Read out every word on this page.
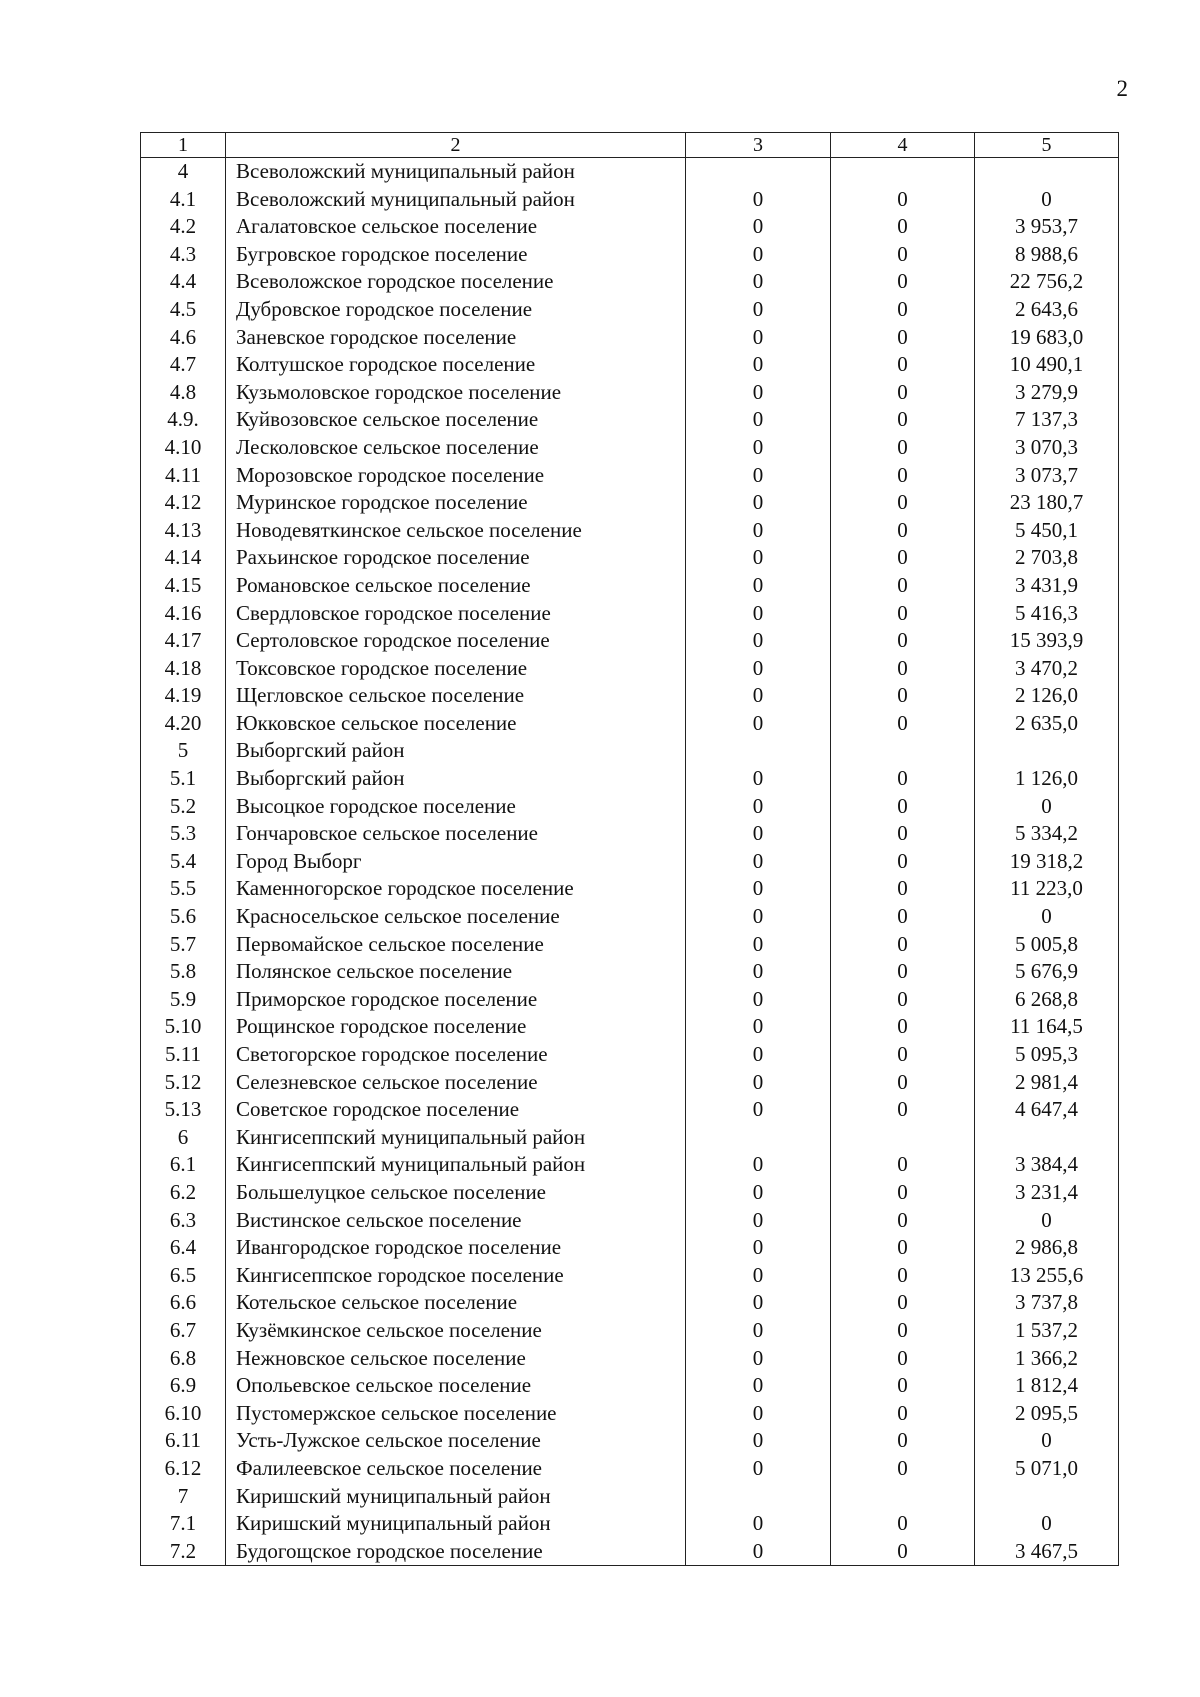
2
1	2	3	4	5
4	Всеволожский муниципальный район			
4.1	Всеволожский муниципальный район	0	0	0
4.2	Агалатовское сельское поселение	0	0	3 953,7
4.3	Бугровское городское поселение	0	0	8 988,6
4.4	Всеволожское городское поселение	0	0	22 756,2
4.5	Дубровское городское поселение	0	0	2 643,6
4.6	Заневское городское поселение	0	0	19 683,0
4.7	Колтушское городское поселение	0	0	10 490,1
4.8	Кузьмоловское городское поселение	0	0	3 279,9
4.9.	Куйвозовское сельское поселение	0	0	7 137,3
4.10	Лесколовское сельское поселение	0	0	3 070,3
4.11	Морозовское городское поселение	0	0	3 073,7
4.12	Муринское городское поселение	0	0	23 180,7
4.13	Новодевяткинское сельское поселение	0	0	5 450,1
4.14	Рахьинское городское поселение	0	0	2 703,8
4.15	Романовское сельское поселение	0	0	3 431,9
4.16	Свердловское городское поселение	0	0	5 416,3
4.17	Сертоловское городское поселение	0	0	15 393,9
4.18	Токсовское городское поселение	0	0	3 470,2
4.19	Щегловское сельское поселение	0	0	2 126,0
4.20	Юкковское сельское поселение	0	0	2 635,0
5	Выборгский район			
5.1	Выборгский район	0	0	1 126,0
5.2	Высоцкое городское поселение	0	0	0
5.3	Гончаровское сельское поселение	0	0	5 334,2
5.4	Город Выборг	0	0	19 318,2
5.5	Каменногорское городское поселение	0	0	11 223,0
5.6	Красносельское сельское поселение	0	0	0
5.7	Первомайское сельское поселение	0	0	5 005,8
5.8	Полянское сельское поселение	0	0	5 676,9
5.9	Приморское городское поселение	0	0	6 268,8
5.10	Рощинское городское поселение	0	0	11 164,5
5.11	Светогорское городское поселение	0	0	5 095,3
5.12	Селезневское сельское поселение	0	0	2 981,4
5.13	Советское городское поселение	0	0	4 647,4
6	Кингисеппский муниципальный район			
6.1	Кингисеппский муниципальный район	0	0	3 384,4
6.2	Большелуцкое сельское поселение	0	0	3 231,4
6.3	Вистинское сельское поселение	0	0	0
6.4	Ивангородское городское поселение	0	0	2 986,8
6.5	Кингисеппское городское поселение	0	0	13 255,6
6.6	Котельское сельское поселение	0	0	3 737,8
6.7	Кузёмкинское сельское поселение	0	0	1 537,2
6.8	Нежновское сельское поселение	0	0	1 366,2
6.9	Опольевское сельское поселение	0	0	1 812,4
6.10	Пустомержское сельское поселение	0	0	2 095,5
6.11	Усть-Лужское сельское поселение	0	0	0
6.12	Фалилеевское сельское поселение	0	0	5 071,0
7	Киришский муниципальный район			
7.1	Киришский муниципальный район	0	0	0
7.2	Будогощское городское поселение	0	0	3 467,5
